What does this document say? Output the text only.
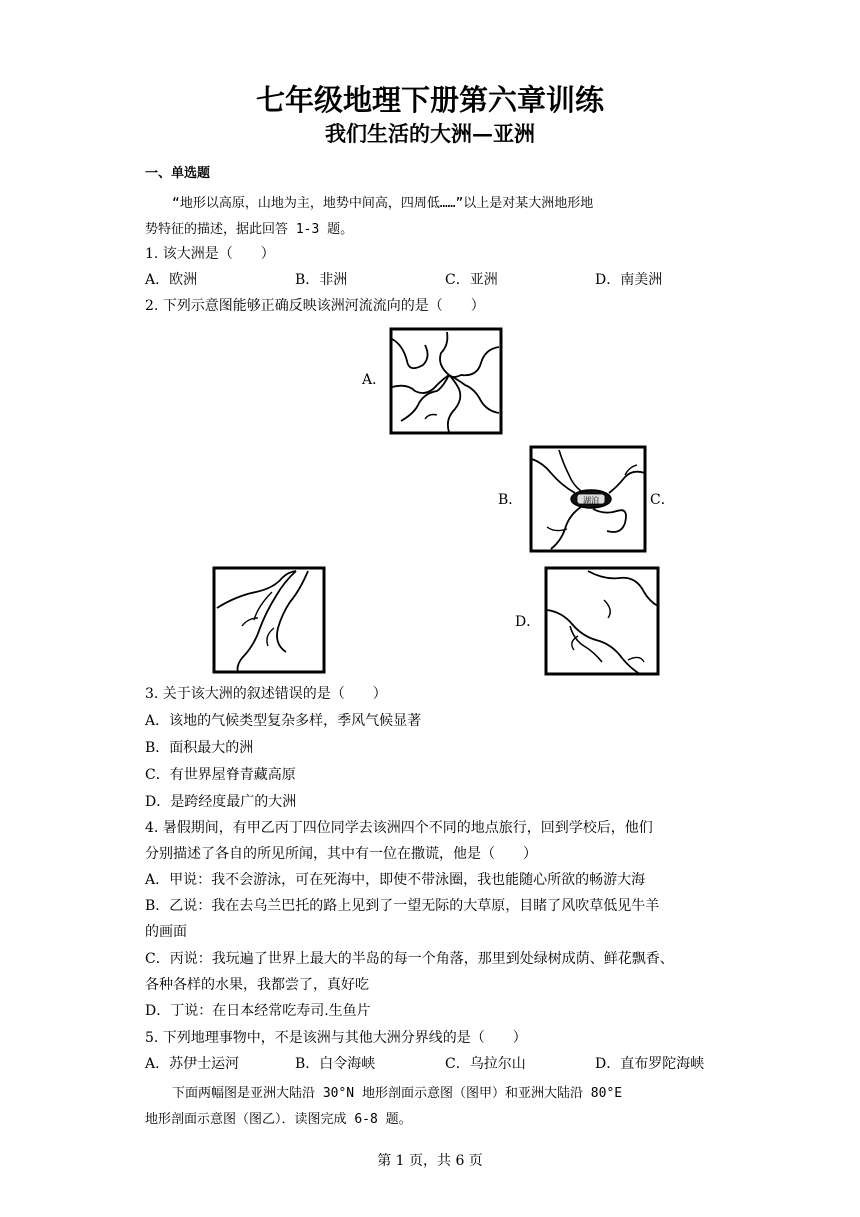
七年级地理下册第六章训练
我们生活的大洲—亚洲
一、单选题
“地形以高原，山地为主，地势中间高，四周低……”以上是对某大洲地形地
势特征的描述，据此回答 1-3 题。
1. 该大洲是（　　）
A．欧洲	B．非洲	C．亚洲	D．南美洲
2. 下列示意图能够正确反映该洲河流流向的是（　　）
A．
B．	湖泊	C．
D．
3. 关于该大洲的叙述错误的是（　　）
A．该地的气候类型复杂多样，季风气候显著
B．面积最大的洲
C．有世界屋脊青藏高原
D．是跨经度最广的大洲
4. 暑假期间，有甲乙丙丁四位同学去该洲四个不同的地点旅行，回到学校后，他们
分别描述了各自的所见所闻，其中有一位在撒谎，他是（　　）
A．甲说：我不会游泳，可在死海中，即使不带泳圈，我也能随心所欲的畅游大海
B．乙说：我在去乌兰巴托的路上见到了一望无际的大草原，目睹了风吹草低见牛羊
的画面
C．丙说：我玩遍了世界上最大的半岛的每一个角落，那里到处绿树成荫、鲜花飘香、
各种各样的水果，我都尝了，真好吃
D．丁说：在日本经常吃寿司.生鱼片
5. 下列地理事物中，不是该洲与其他大洲分界线的是（　　）
A．苏伊士运河	B．白令海峡	C．乌拉尔山	D．直布罗陀海峡
下面两幅图是亚洲大陆沿 30°N 地形剖面示意图（图甲）和亚洲大陆沿 80°E
地形剖面示意图（图乙）．读图完成 6-8 题。
第 1 页，共 6 页
